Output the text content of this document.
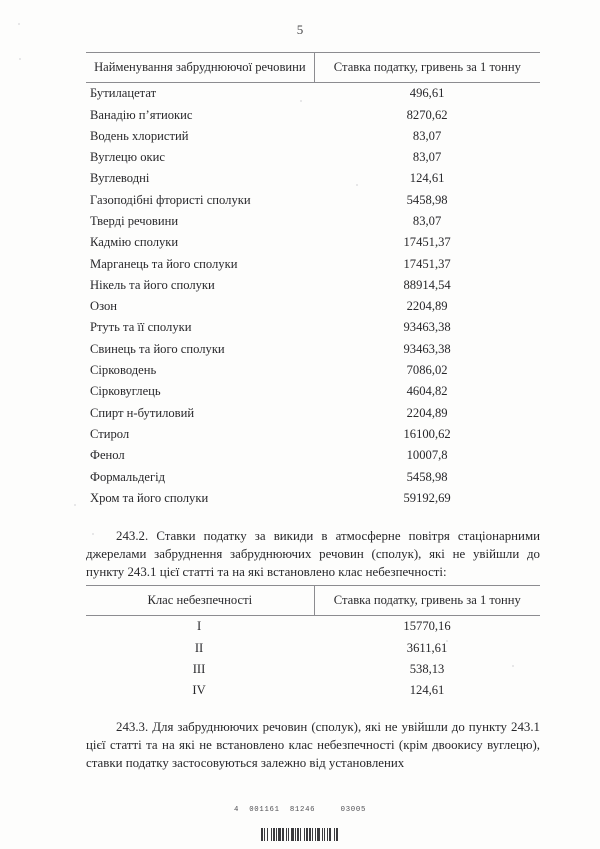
5
Найменування забруднюючої речовини	Ставка податку, гривень за 1 тонну
Бутилацетат	496,61
Ванадію п’ятиокис	8270,62
Водень хлористий	83,07
Вуглецю окис	83,07
Вуглеводні	124,61
Газоподібні фтористі сполуки	5458,98
Тверді речовини	83,07
Кадмію сполуки	17451,37
Марганець та його сполуки	17451,37
Нікель та його сполуки	88914,54
Озон	2204,89
Ртуть та її сполуки	93463,38
Свинець та його сполуки	93463,38
Сірководень	7086,02
Сірковуглець	4604,82
Спирт н-бутиловий	2204,89
Стирол	16100,62
Фенол	10007,8
Формальдегід	5458,98
Хром та його сполуки	59192,69

243.2. Ставки податку за викиди в атмосферне повітря стаціонарними джерелами забруднення забруднюючих речовин (сполук), які не увійшли до пункту 243.1 цієї статті та на які встановлено клас небезпечності:

Клас небезпечності	Ставка податку, гривень за 1 тонну
I	15770,16
II	3611,61
III	538,13
IV	124,61

243.3. Для забруднюючих речовин (сполук), які не увійшли до пункту 243.1 цієї статті та на які не встановлено клас небезпечності (крім двоокису вуглецю), ставки податку застосовуються залежно від установлених

4  001161  81246     03005
